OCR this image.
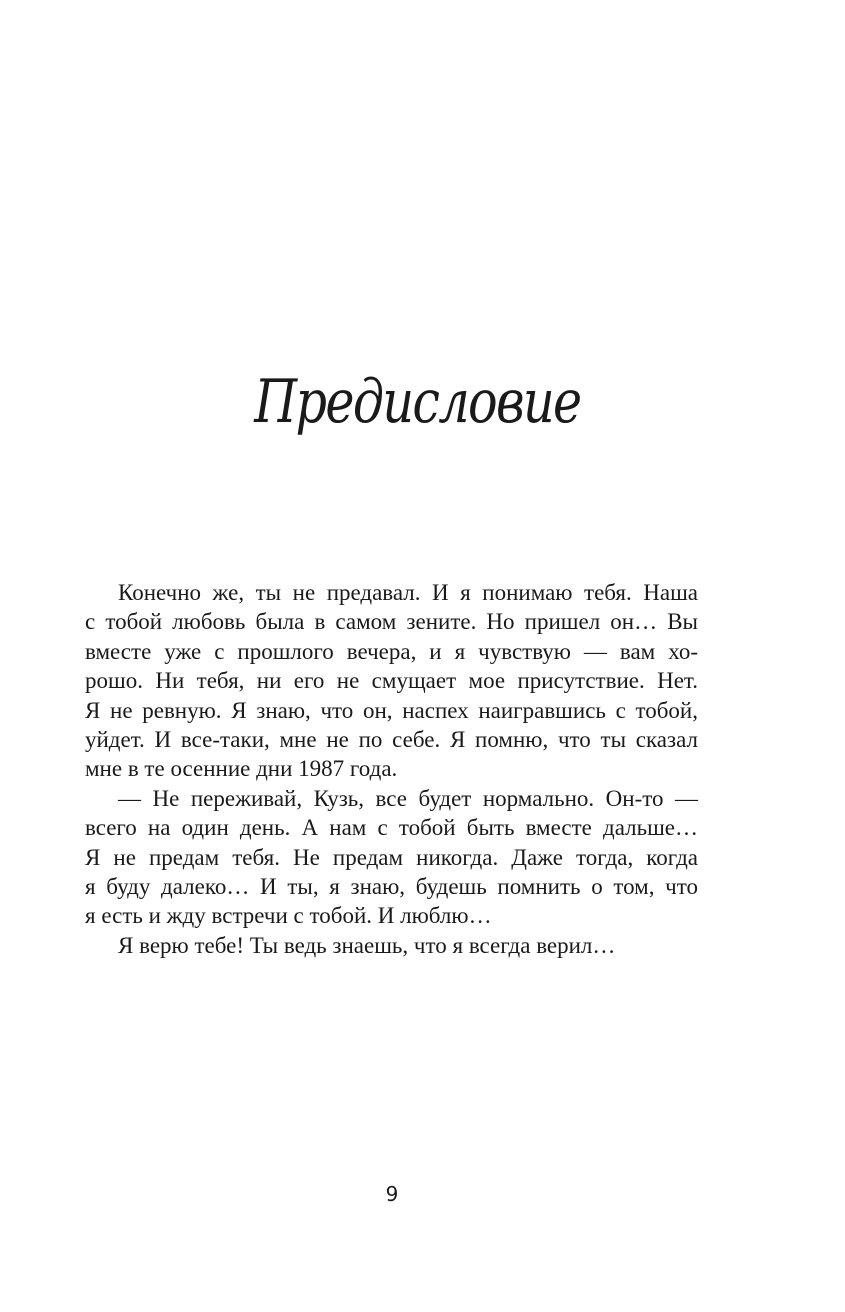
Предисловие
Конечно же, ты не предавал. И я понимаю тебя. Наша
с тобой любовь была в самом зените. Но пришел он… Вы
вместе уже с прошлого вечера, и я чувствую — вам хо-
рошо. Ни тебя, ни его не смущает мое присутствие. Нет.
Я не ревную. Я знаю, что он, наспех наигравшись с тобой,
уйдет. И все-таки, мне не по себе. Я помню, что ты сказал
мне в те осенние дни 1987 года.
— Не переживай, Кузь, все будет нормально. Он-то —
всего на один день. А нам с тобой быть вместе дальше…
Я не предам тебя. Не предам никогда. Даже тогда, когда
я буду далеко… И ты, я знаю, будешь помнить о том, что
я есть и жду встречи с тобой. И люблю…
Я верю тебе! Ты ведь знаешь, что я всегда верил…
9
